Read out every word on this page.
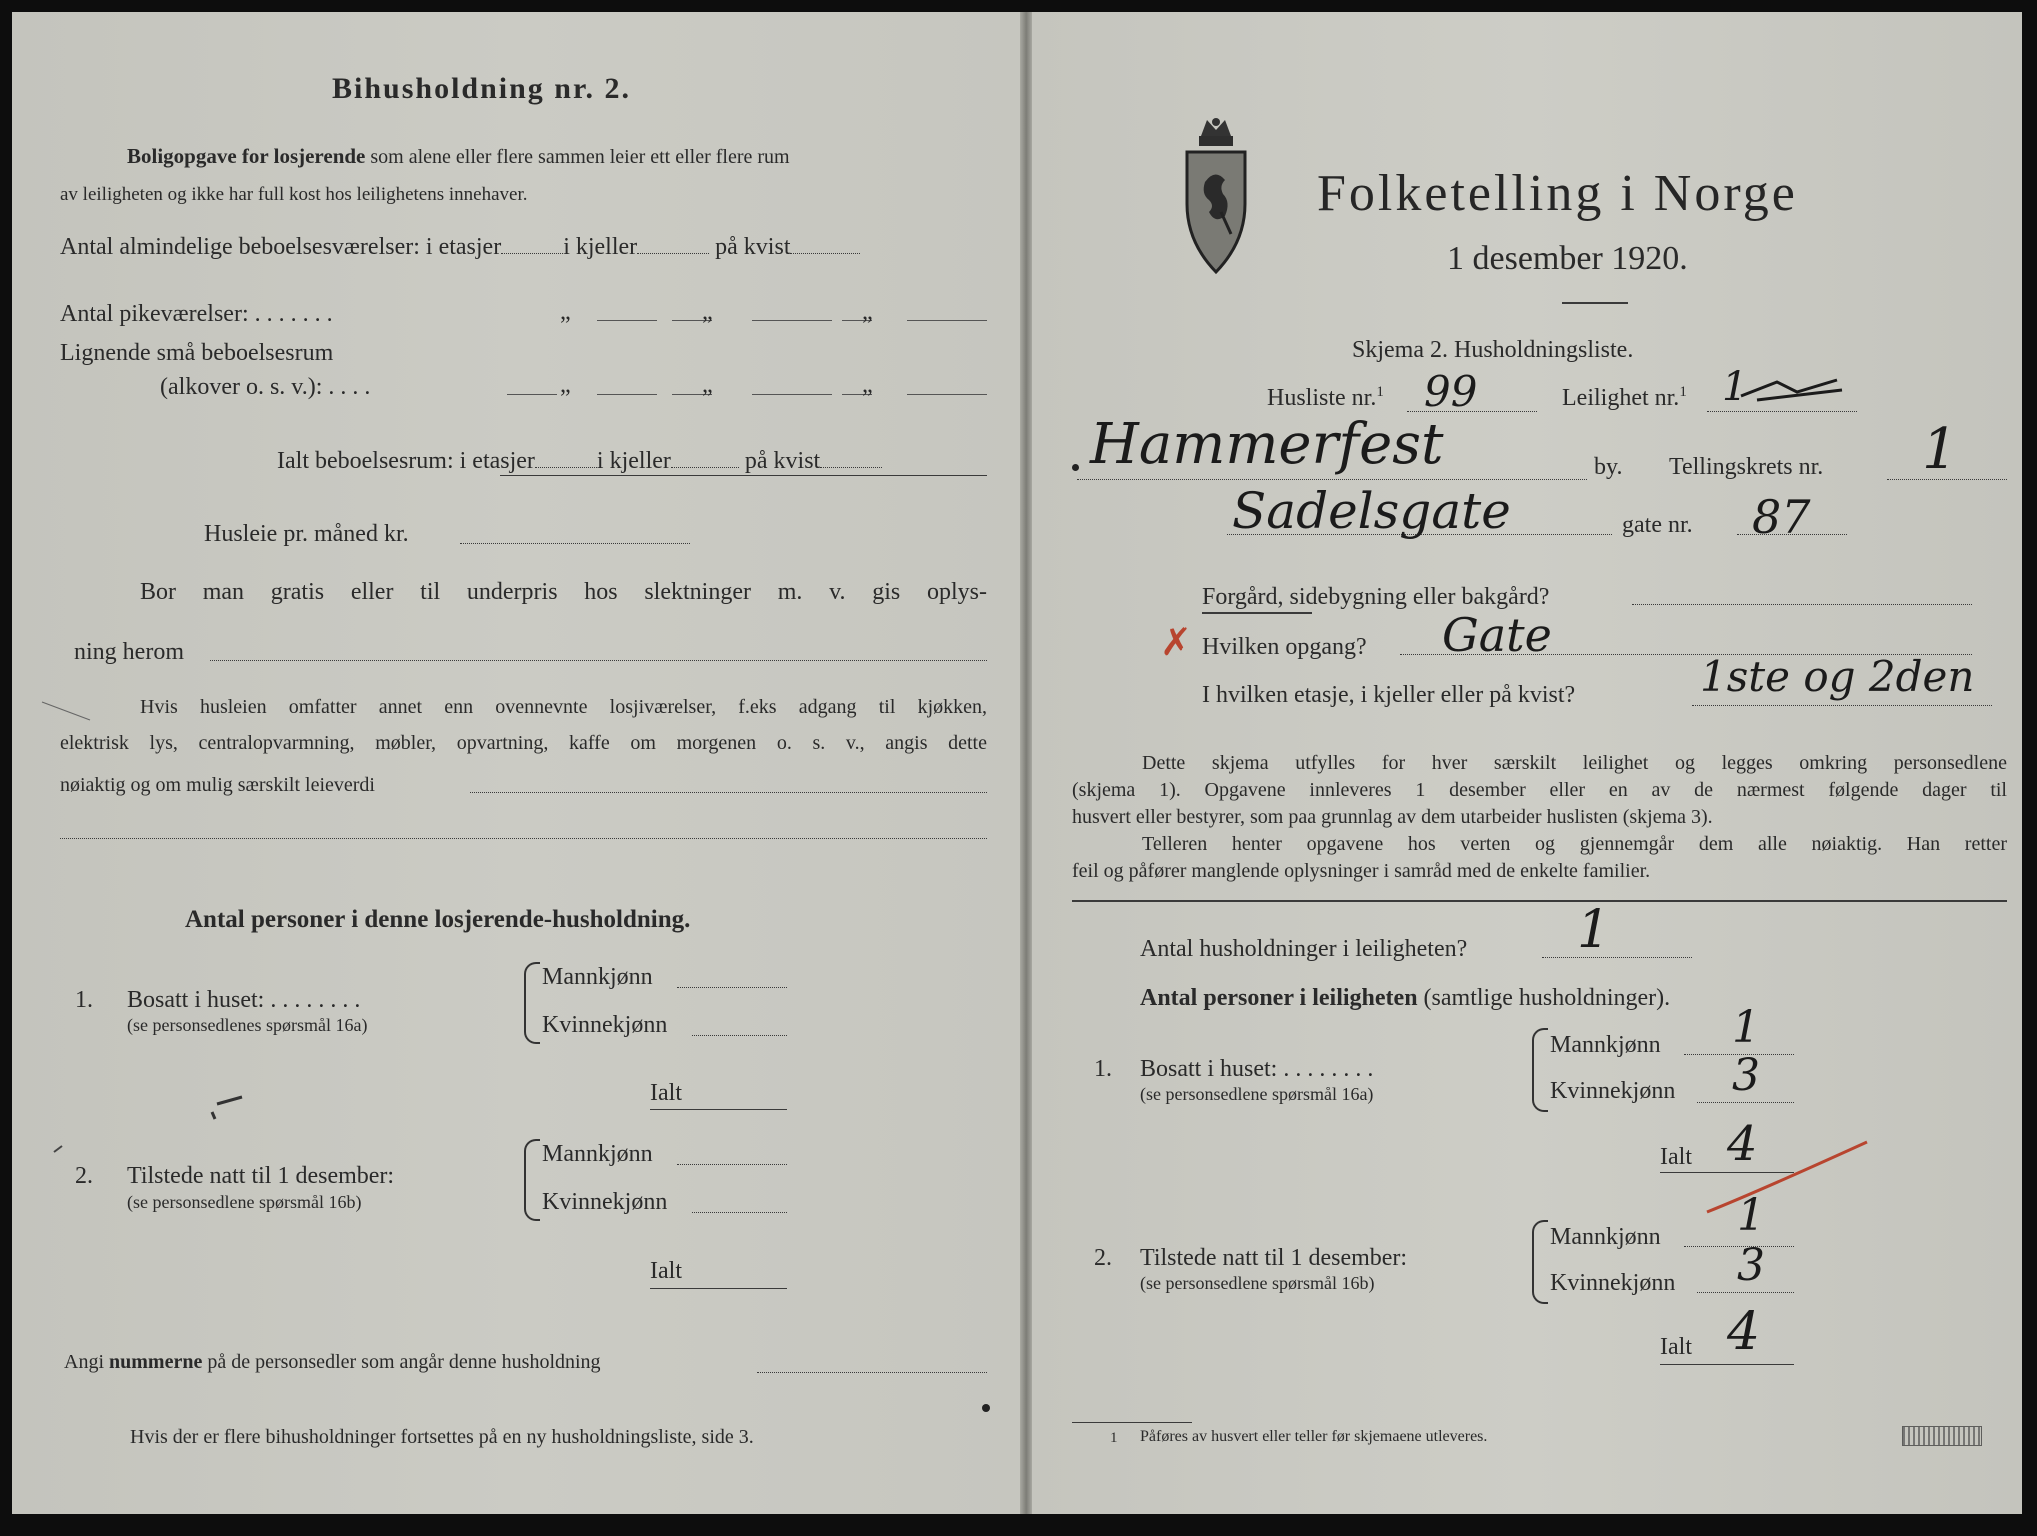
Bihusholdning nr. 2.
Boligopgave for losjerende som alene eller flere sammen leier ett eller flere rum
av leiligheten og ikke har full kost hos leilighetens innehaver.
Antal almindelige beboelsesværelser: i etasjer	i kjeller	på kvist
Antal pikeværelser: . . . . . . .	„	„	„
Lignende små beboelsesrum
(alkover o. s. v.): . . . .	„	„	„
Ialt beboelsesrum: i etasjer	i kjeller	på kvist
Husleie pr. måned kr.
Bor man gratis eller til underpris hos slektninger m. v. gis oplys-
ning herom
Hvis husleien omfatter annet enn ovennevnte losjiværelser, f.eks adgang til kjøkken,
elektrisk lys, centralopvarmning, møbler, opvartning, kaffe om morgenen o. s. v., angis dette
nøiaktig og om mulig særskilt leieverdi
Antal personer i denne losjerende-husholdning.
1. Bosatt i huset: . . . . . . . .
(se personsedlenes spørsmål 16a)
Mannkjønn
Kvinnekjønn
Ialt
2. Tilstede natt til 1 desember:
(se personsedlene spørsmål 16b)
Mannkjønn
Kvinnekjønn
Ialt
Angi nummerne på de personsedler som angår denne husholdning
Hvis der er flere bihusholdninger fortsettes på en ny husholdningsliste, side 3.
Folketelling i Norge
1 desember 1920.
Skjema 2. Husholdningsliste.
Husliste nr.$^1$ 99	Leilighet nr.$^1$ 1
Hammerfest	by. Tellingskrets nr. 1
Sadelsgate	gate nr. 87
Forgård, sidebygning eller bakgård?
✗ Hvilken opgang? Gate
I hvilken etasje, i kjeller eller på kvist?	1ste og 2den
Dette skjema utfylles for hver særskilt leilighet og legges omkring personsedlene
(skjema 1). Opgavene innleveres 1 desember eller en av de nærmest følgende dager til
husvert eller bestyrer, som paa grunnlag av dem utarbeider huslisten (skjema 3).
Telleren henter opgavene hos verten og gjennemgår dem alle nøiaktig. Han retter
feil og påfører manglende oplysninger i samråd med de enkelte familier.
Antal husholdninger i leiligheten? 1
Antal personer i leiligheten (samtlige husholdninger).
1. Bosatt i huset: . . . . . . . .
(se personsedlene spørsmål 16a)
Mannkjønn 1
Kvinnekjønn 3
Ialt 4
2. Tilstede natt til 1 desember:
(se personsedlene spørsmål 16b)
Mannkjønn 1
Kvinnekjønn 3
Ialt 4
1 Påføres av husvert eller teller før skjemaene utleveres.
